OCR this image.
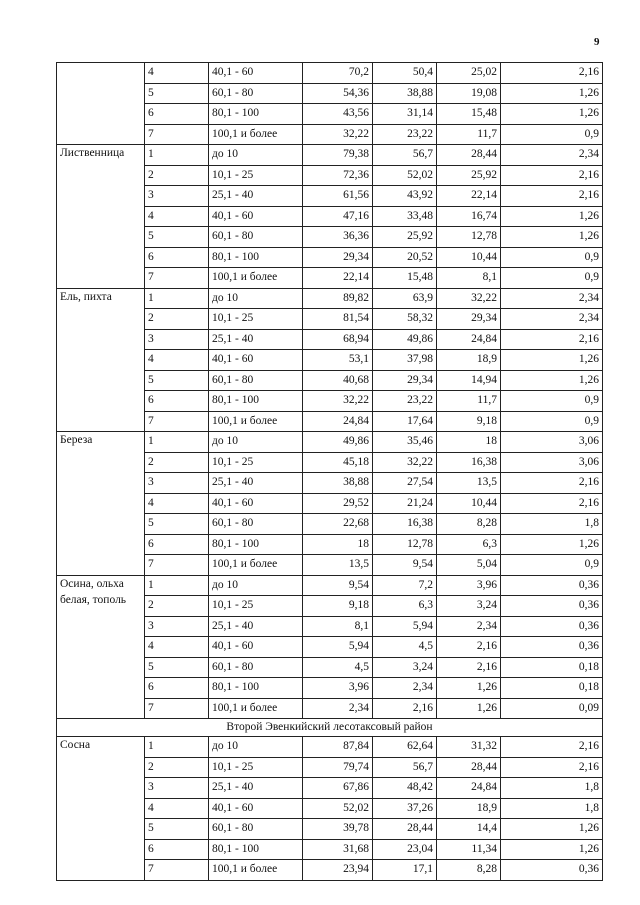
9
	4	40,1 - 60	70,2	50,4	25,02	2,16
	5	60,1 - 80	54,36	38,88	19,08	1,26
	6	80,1 - 100	43,56	31,14	15,48	1,26
	7	100,1 и более	32,22	23,22	11,7	0,9
Лиственница	1	до 10	79,38	56,7	28,44	2,34
	2	10,1 - 25	72,36	52,02	25,92	2,16
	3	25,1 - 40	61,56	43,92	22,14	2,16
	4	40,1 - 60	47,16	33,48	16,74	1,26
	5	60,1 - 80	36,36	25,92	12,78	1,26
	6	80,1 - 100	29,34	20,52	10,44	0,9
	7	100,1 и более	22,14	15,48	8,1	0,9
Ель, пихта	1	до 10	89,82	63,9	32,22	2,34
	2	10,1 - 25	81,54	58,32	29,34	2,34
	3	25,1 - 40	68,94	49,86	24,84	2,16
	4	40,1 - 60	53,1	37,98	18,9	1,26
	5	60,1 - 80	40,68	29,34	14,94	1,26
	6	80,1 - 100	32,22	23,22	11,7	0,9
	7	100,1 и более	24,84	17,64	9,18	0,9
Береза	1	до 10	49,86	35,46	18	3,06
	2	10,1 - 25	45,18	32,22	16,38	3,06
	3	25,1 - 40	38,88	27,54	13,5	2,16
	4	40,1 - 60	29,52	21,24	10,44	2,16
	5	60,1 - 80	22,68	16,38	8,28	1,8
	6	80,1 - 100	18	12,78	6,3	1,26
	7	100,1 и более	13,5	9,54	5,04	0,9
Осина, ольха белая, тополь	1	до 10	9,54	7,2	3,96	0,36
	2	10,1 - 25	9,18	6,3	3,24	0,36
	3	25,1 - 40	8,1	5,94	2,34	0,36
	4	40,1 - 60	5,94	4,5	2,16	0,36
	5	60,1 - 80	4,5	3,24	2,16	0,18
	6	80,1 - 100	3,96	2,34	1,26	0,18
	7	100,1 и более	2,34	2,16	1,26	0,09
Второй Эвенкийский лесотаксовый район						
Сосна	1	до 10	87,84	62,64	31,32	2,16
	2	10,1 - 25	79,74	56,7	28,44	2,16
	3	25,1 - 40	67,86	48,42	24,84	1,8
	4	40,1 - 60	52,02	37,26	18,9	1,8
	5	60,1 - 80	39,78	28,44	14,4	1,26
	6	80,1 - 100	31,68	23,04	11,34	1,26
	7	100,1 и более	23,94	17,1	8,28	0,36
